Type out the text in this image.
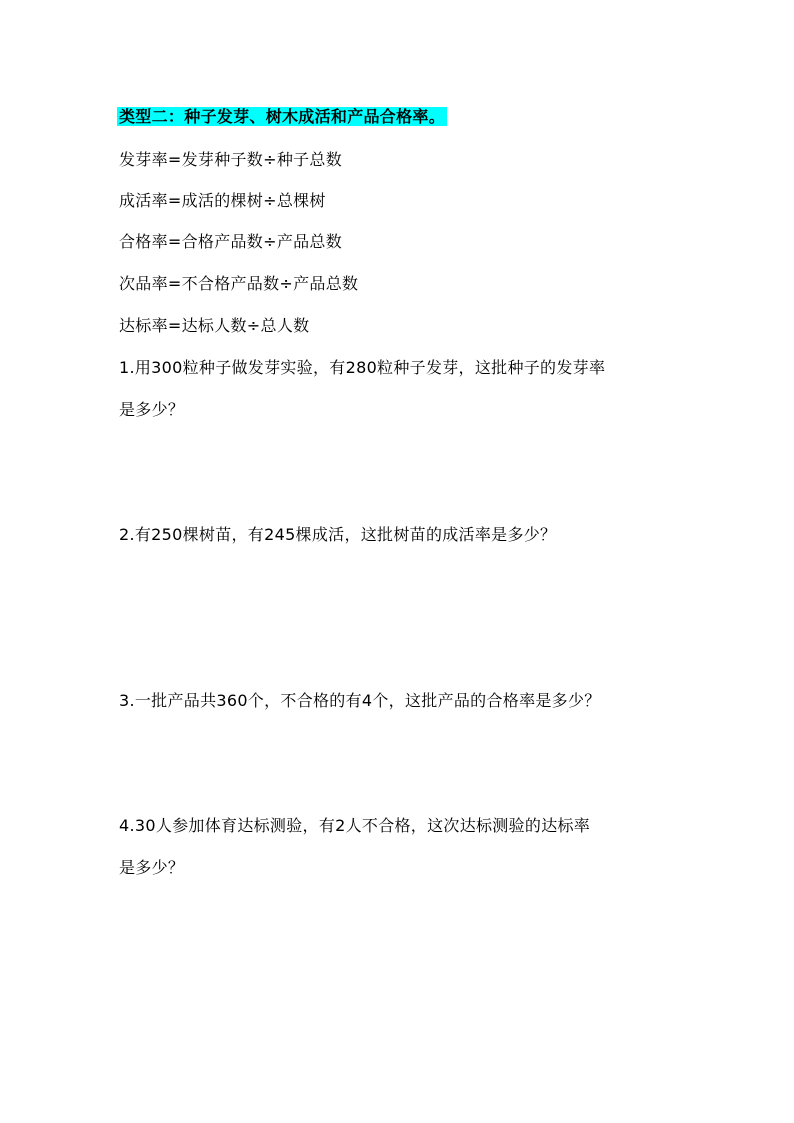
类型二：种子发芽、树木成活和产品合格率。
发芽率=发芽种子数÷种子总数
成活率=成活的棵树÷总棵树
合格率=合格产品数÷产品总数
次品率=不合格产品数÷产品总数
达标率=达标人数÷总人数
1.用300粒种子做发芽实验，有280粒种子发芽，这批种子的发芽率
是多少？
2.有250棵树苗，有245棵成活，这批树苗的成活率是多少？
3.一批产品共360个，不合格的有4个，这批产品的合格率是多少？
4.30人参加体育达标测验，有2人不合格，这次达标测验的达标率
是多少？
